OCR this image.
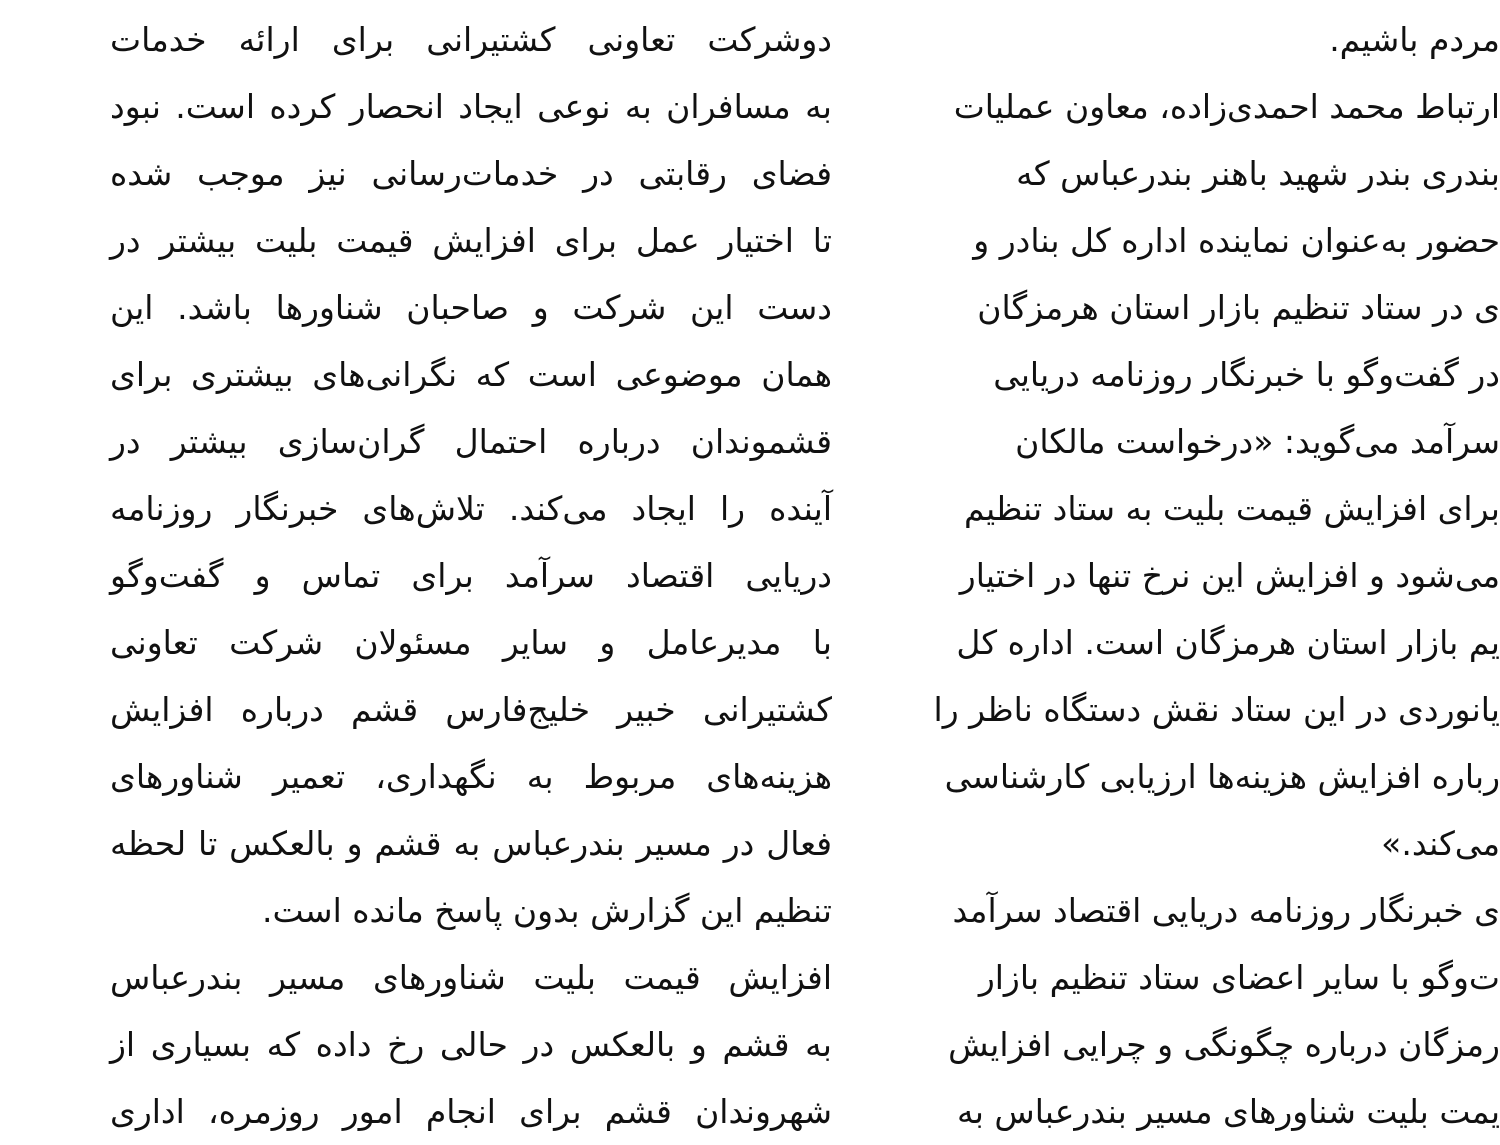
دوشرکت تعاونی کشتیرانی برای ارائه خدمات
به مسافران به نوعی ایجاد انحصار کرده است. نبود
فضای رقابتی در خدمات‌رسانی نیز موجب شده
تا اختیار عمل برای افزایش قیمت بلیت بیشتر در
دست این شرکت و صاحبان شناورها باشد. این
همان موضوعی است که نگرانی‌های بیشتری برای
قشموندان درباره احتمال گران‌سازی بیشتر در
آینده را ایجاد می‌کند. تلاش‌های خبرنگار روزنامه
دریایی اقتصاد سرآمد برای تماس و گفت‌وگو
با مدیرعامل و سایر مسئولان شرکت تعاونی
کشتیرانی خبیر خلیج‌فارس قشم درباره افزایش
هزینه‌های مربوط به نگهداری، تعمیر شناورهای
فعال در مسیر بندرعباس به قشم و بالعکس تا لحظه
تنظیم این گزارش بدون پاسخ مانده است.
افزایش قیمت بلیت شناورهای مسیر بندرعباس
به قشم و بالعکس در حالی رخ داده که بسیاری از
شهروندان قشم برای انجام امور روزمره، اداری
مردم باشیم.
ارتباط محمد احمدی‌زاده، معاون عملیات
بندری بندر شهید باهنر بندرعباس که
حضور به‌عنوان نماینده اداره کل بنادر و
ی در ستاد تنظیم بازار استان هرمزگان
در گفت‌وگو با خبرنگار روزنامه دریایی
سرآمد می‌گوید: «درخواست مالکان
برای افزایش قیمت بلیت به ستاد تنظیم
می‌شود و افزایش این نرخ تنها در اختیار
یم بازار استان هرمزگان است. اداره کل
یانوردی در این ستاد نقش دستگاه ناظر را
رباره افزایش هزینه‌ها ارزیابی کارشناسی
می‌کند.»
ی خبرنگار روزنامه دریایی اقتصاد سرآمد
ت‌وگو با سایر اعضای ستاد تنظیم بازار
رمزگان درباره چگونگی و چرایی افزایش
یمت بلیت شناورهای مسیر بندرعباس به
